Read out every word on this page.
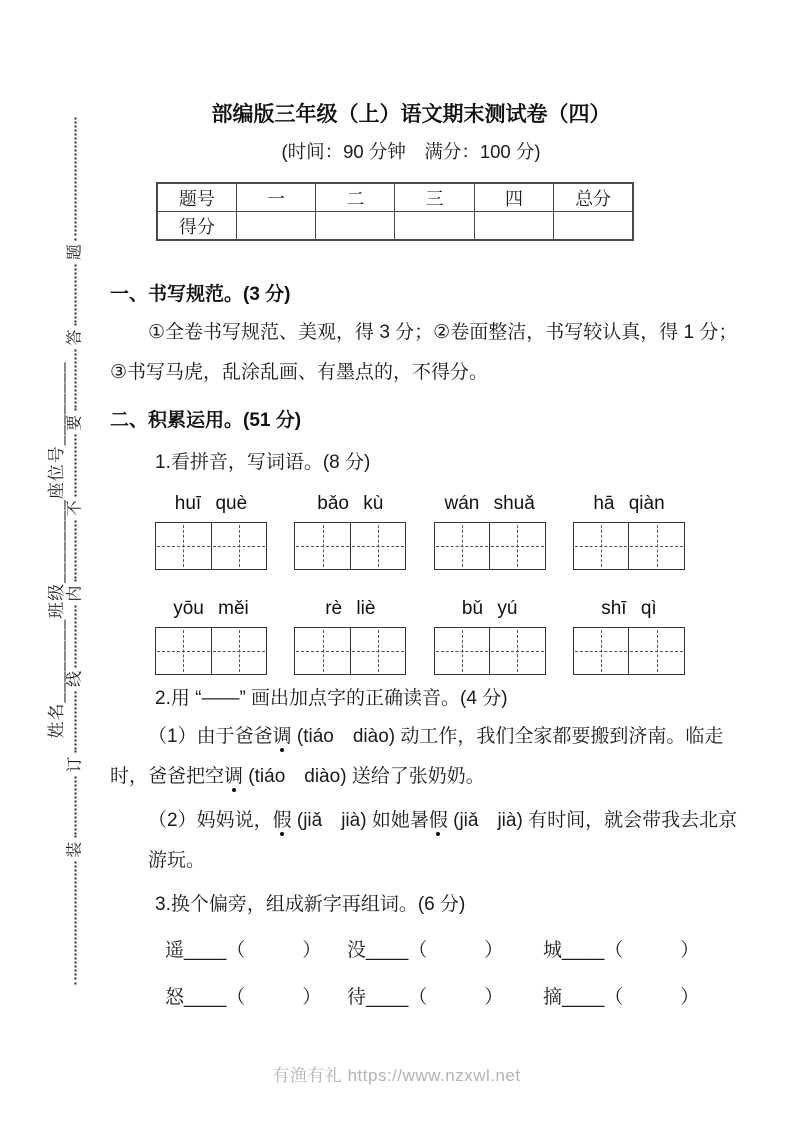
姓名________班级________座位号________
装
订
线
内
不
要
答
题
部编版三年级（上）语文期末测试卷（四）
(时间：90 分钟　满分：100 分)
题号	一	二	三	四	总分
得分					
一、书写规范。(3 分)
①全卷书写规范、美观，得 3 分；②卷面整洁，书写较认真，得 1 分；③书写马虎，乱涂乱画、有墨点的，不得分。
二、积累运用。(51 分)
1.看拼音，写词语。(8 分)
huī què	bǎo kù	wán shuǎ	hā qiàn
yōu měi	rè liè	bǔ yú	shī qì
2.用 “——” 画出加点字的正确读音。(4 分)
（1）由于爸爸调 (tiáo　diào) 动工作，我们全家都要搬到济南。临走时，爸爸把空调 (tiáo　diào) 送给了张奶奶。
（2）妈妈说，假 (jiǎ　jià) 如她暑假 (jiǎ　jià) 有时间，就会带我去北京游玩。
3.换个偏旁，组成新字再组词。(6 分)
遥____（　　　）	没____（　　　）	城____（　　　）
怒____（　　　）	待____（　　　）	摘____（　　　）
有渔有礼 https://www.nzxwl.net
